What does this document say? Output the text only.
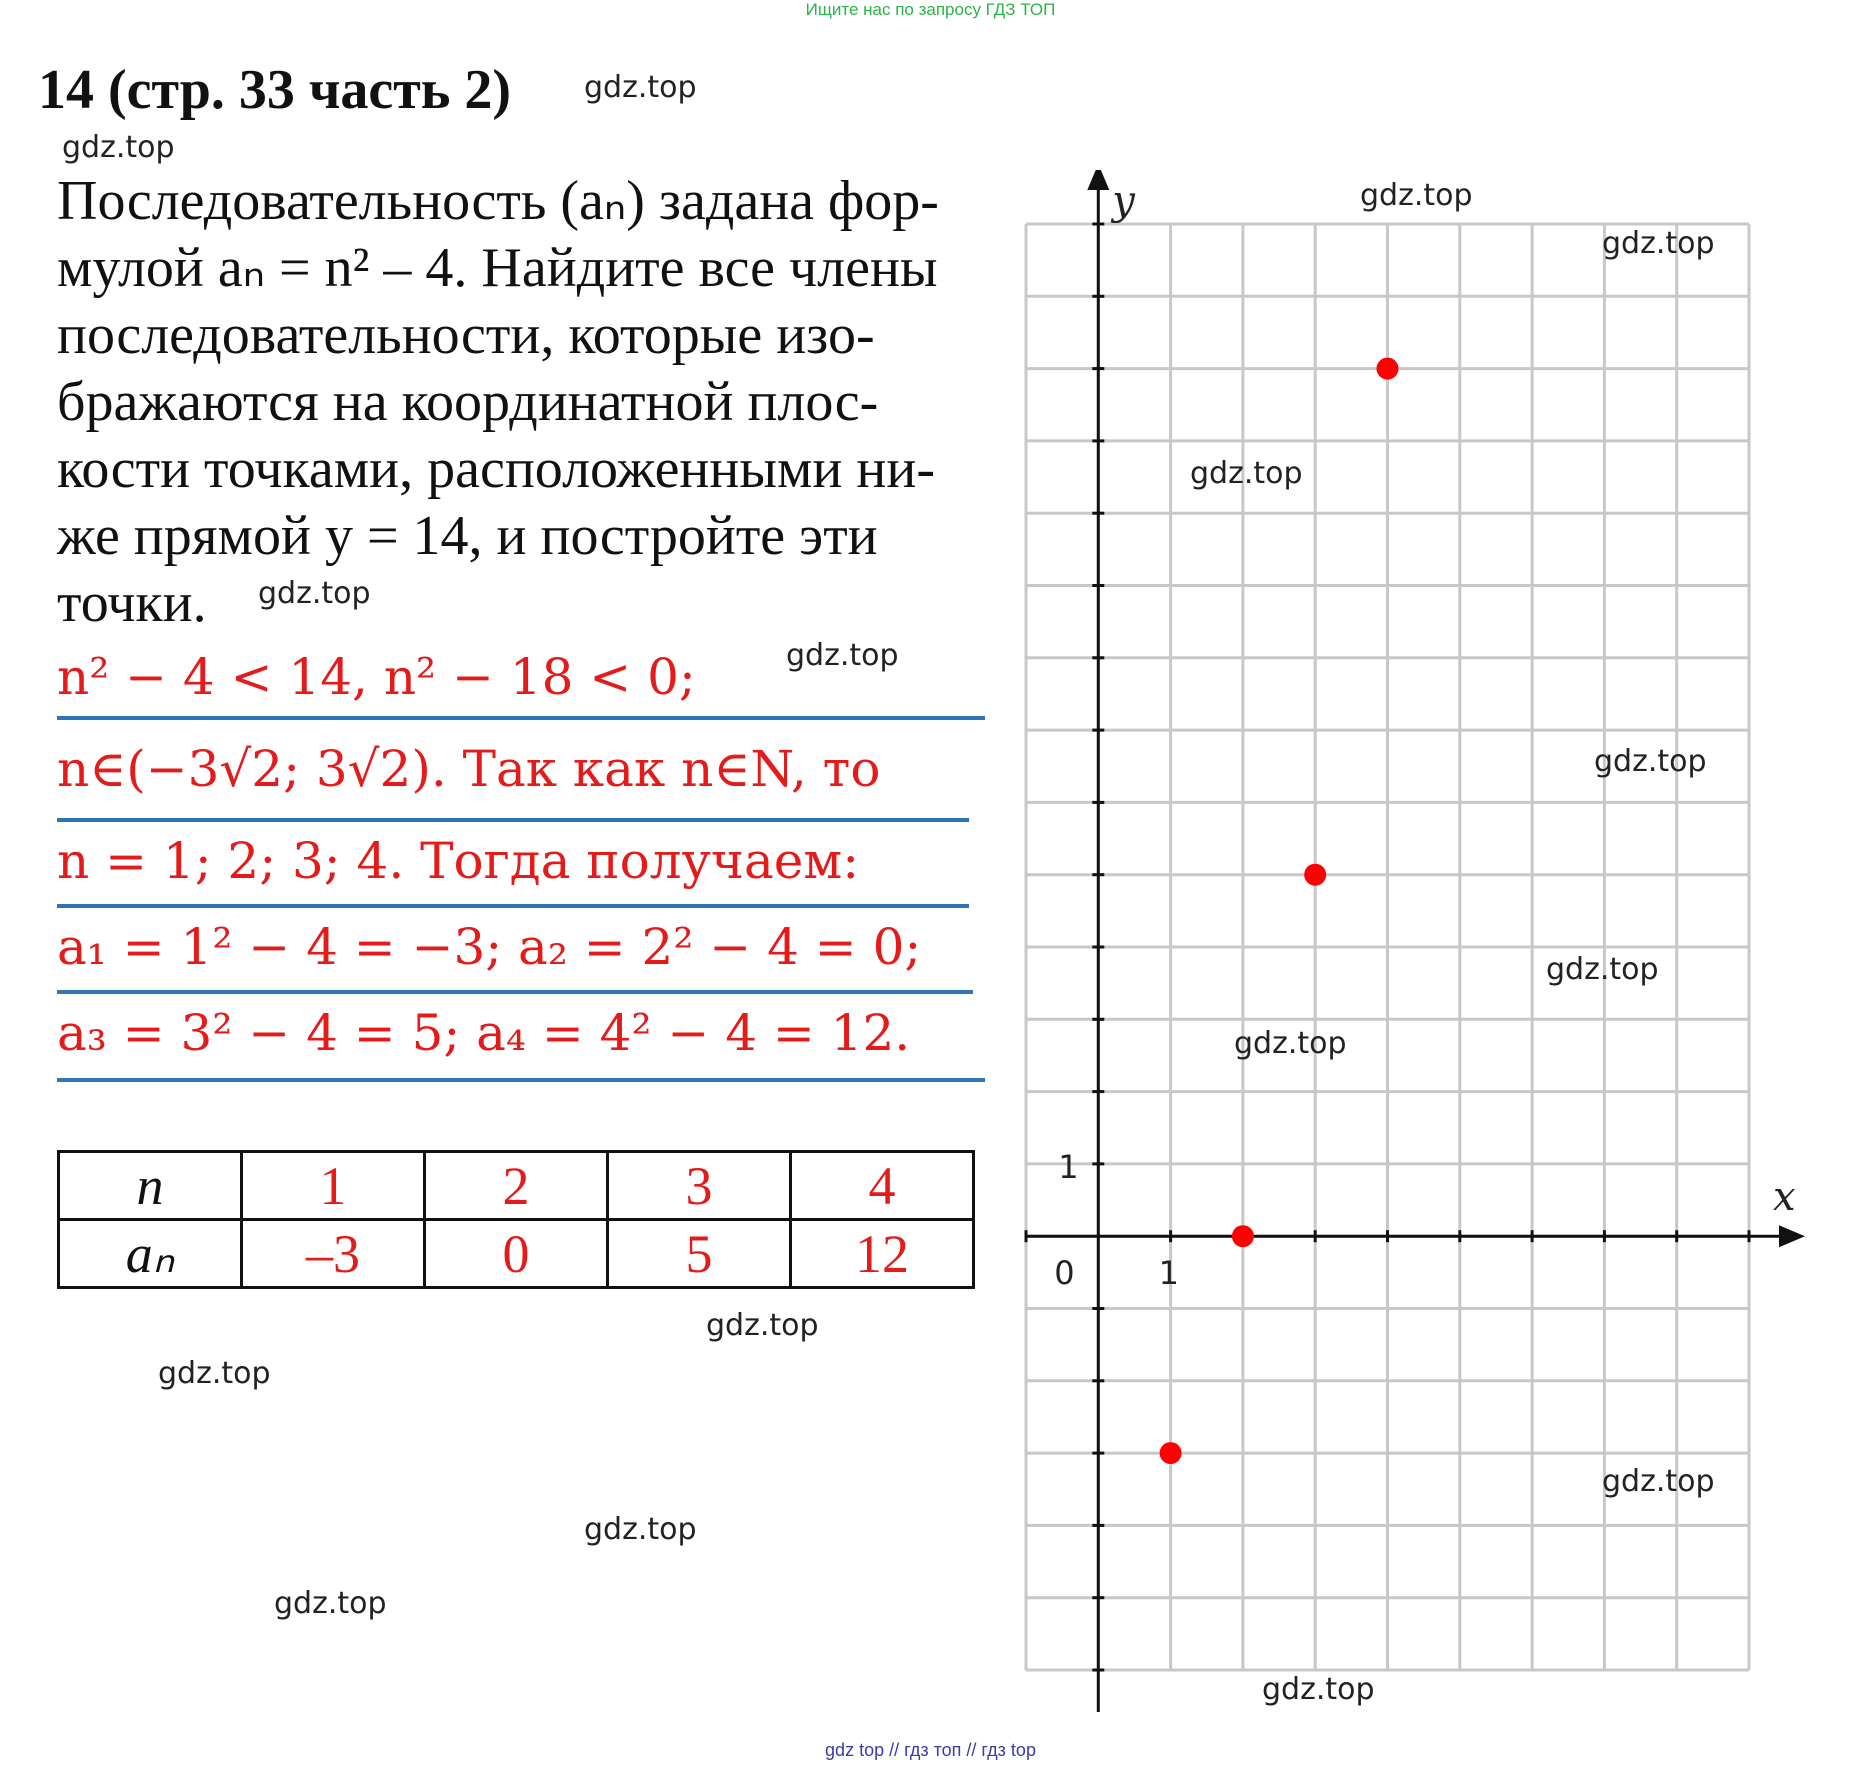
Ищите нас по запросу ГДЗ ТОП
14 (стр. 33 часть 2)
Последовательность (aₙ) задана фор-
мулой aₙ = n² – 4. Найдите все члены
последовательности, которые изо-
бражаются на координатной плос-
кости точками, расположенными ни-
же прямой у = 14, и постройте эти
точки.
n² − 4 < 14, n² − 18 < 0;
n∈(−3√2; 3√2). Так как n∈N, то
n = 1; 2; 3; 4. Тогда получаем:
a₁ = 1² − 4 = −3; a₂ = 2² − 4 = 0;
a₃ = 3² − 4 = 5; a₄ = 4² − 4 = 12.
n	1	2	3	4
aₙ	–3	0	5	12
y
x
0	1
1
gdz.top
gdz.top
gdz.top
gdz.top
gdz.top
gdz.top
gdz.top
gdz.top
gdz.top
gdz.top
gdz.top
gdz.top
gdz.top
gdz.top
gdz.top
gdz.top
gdz top // гдз топ // гдз top
